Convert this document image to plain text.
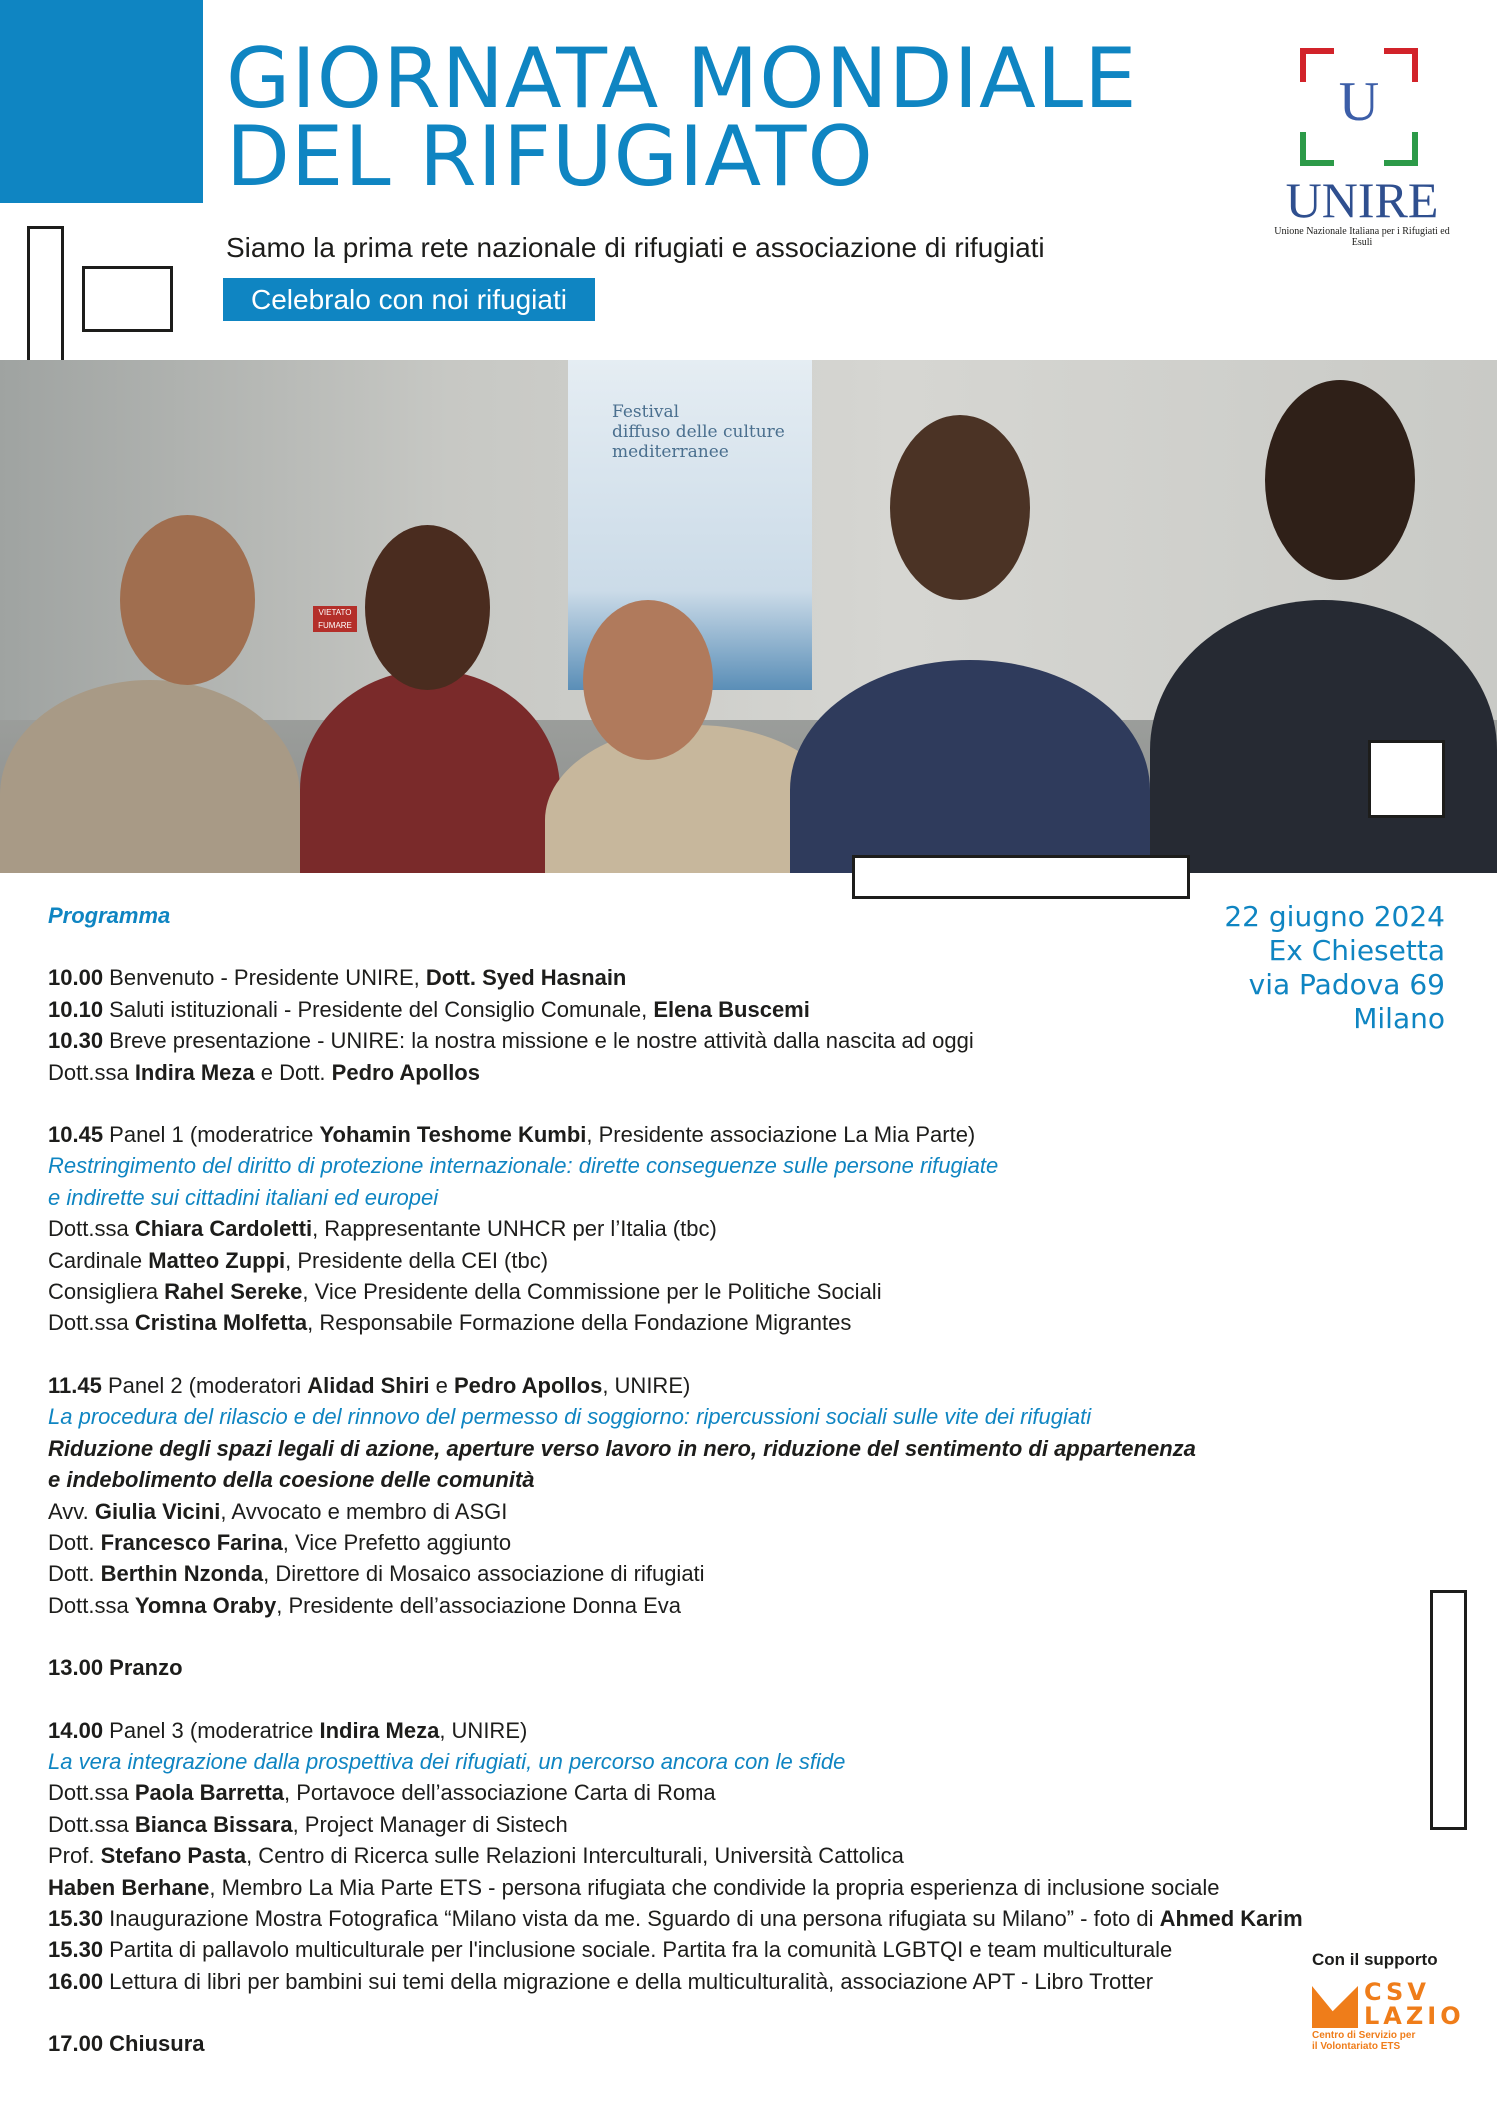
GIORNATA MONDIALE
DEL RIFUGIATO
Siamo la prima rete nazionale di rifugiati e associazione di rifugiati
Celebralo con noi rifugiati
U
UNIRE
Unione Nazionale Italiana per i Rifugiati ed Esuli
Festival
diffuso delle culture
mediterranee
VIETATO
FUMARE
22 giugno 2024
Ex Chiesetta
via Padova 69
Milano
Programma
10.00 Benvenuto - Presidente UNIRE, Dott. Syed Hasnain
10.10 Saluti istituzionali - Presidente del Consiglio Comunale, Elena Buscemi
10.30 Breve presentazione - UNIRE: la nostra missione e le nostre attività dalla nascita ad oggi
Dott.ssa Indira Meza e Dott. Pedro Apollos
10.45 Panel 1 (moderatrice Yohamin Teshome Kumbi, Presidente associazione La Mia Parte)
Restringimento del diritto di protezione internazionale: dirette conseguenze sulle persone rifugiate
e indirette sui cittadini italiani ed europei
Dott.ssa Chiara Cardoletti, Rappresentante UNHCR per l’Italia (tbc)
Cardinale Matteo Zuppi, Presidente della CEI (tbc)
Consigliera Rahel Sereke, Vice Presidente della Commissione per le Politiche Sociali
Dott.ssa Cristina Molfetta, Responsabile Formazione della Fondazione Migrantes
11.45 Panel 2 (moderatori Alidad Shiri e Pedro Apollos, UNIRE)
La procedura del rilascio e del rinnovo del permesso di soggiorno: ripercussioni sociali sulle vite dei rifugiati
Riduzione degli spazi legali di azione, aperture verso lavoro in nero, riduzione del sentimento di appartenenza
e indebolimento della coesione delle comunità
Avv. Giulia Vicini, Avvocato e membro di ASGI
Dott. Francesco Farina, Vice Prefetto aggiunto
Dott. Berthin Nzonda, Direttore di Mosaico associazione di rifugiati
Dott.ssa Yomna Oraby, Presidente dell’associazione Donna Eva
13.00 Pranzo
14.00 Panel 3 (moderatrice Indira Meza, UNIRE)
La vera integrazione dalla prospettiva dei rifugiati, un percorso ancora con le sfide
Dott.ssa Paola Barretta, Portavoce dell’associazione Carta di Roma
Dott.ssa Bianca Bissara, Project Manager di Sistech
Prof. Stefano Pasta, Centro di Ricerca sulle Relazioni Interculturali, Università Cattolica
Haben Berhane, Membro La Mia Parte ETS - persona rifugiata che condivide la propria esperienza di inclusione sociale
15.30 Inaugurazione Mostra Fotografica “Milano vista da me. Sguardo di una persona rifugiata su Milano” - foto di Ahmed Karim
15.30 Partita di pallavolo multiculturale per l'inclusione sociale. Partita fra la comunità LGBTQI e team multiculturale
16.00 Lettura di libri per bambini sui temi della migrazione e della multiculturalità, associazione APT - Libro Trotter
17.00 Chiusura
Con il supporto
CSV
LAZIO
Centro di Servizio per
il Volontariato ETS
